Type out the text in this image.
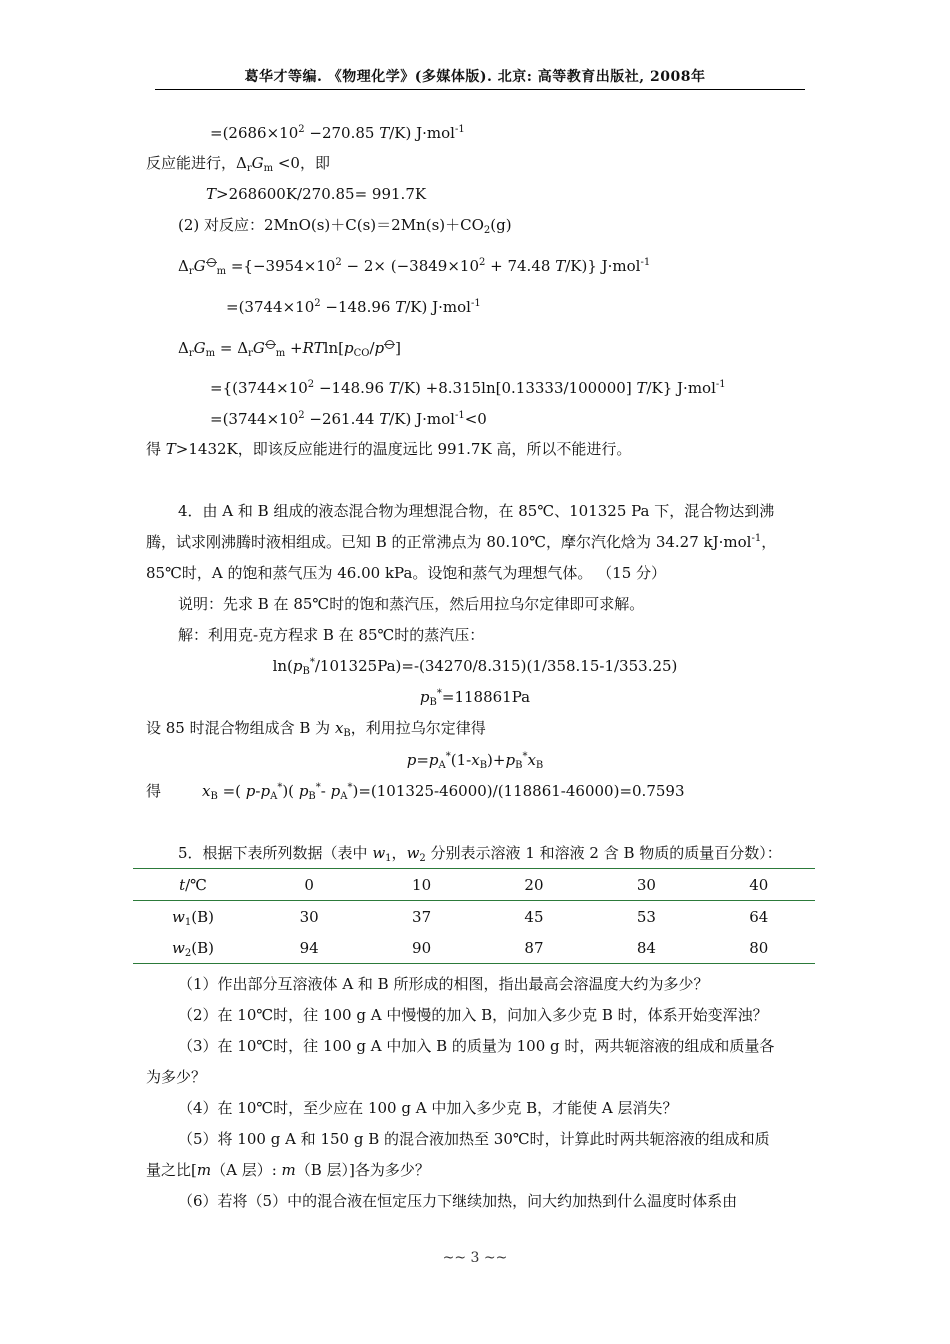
葛华才等编. 《物理化学》(多媒体版). 北京: 高等教育出版社, 2008年
$=(2686\times 10^2 -270.85$ T/K) J·mol$^{-1}$
反应能进行，$\Delta_rG_m <0$，即
T>268600K/270.85= 991.7K
(2) 对反应：$2MnO(s)+C(s)=2Mn(s)+CO_2(g)$
$\Delta_rG$ $_m =\{-3954\times 10^2 - 2\times (-3849\times 10^2 + 74.48$ T/K)} J·mol$^{-1}$
$=(3744\times 10^2 -148.96$ T/K) J·mol$^{-1}$
$\Delta_rG_m = \Delta_rG$ $_m +RTln[p_{CO}/p$ ]
$=\{(3744\times 10^2 -148.96$ T/K) +8.315ln[0.13333/100000] T/K} J·mol$^{-1}$
$=(3744\times 10^2 -261.44$ T/K) J·mol$^{-1}$<0
得 T>1432K，即该反应能进行的温度远比 991.7K 高，所以不能进行。
4．由 A 和 B 组成的液态混合物为理想混合物，在 85℃、101325 Pa 下，混合物达到沸
腾，试求刚沸腾时液相组成。已知 B 的正常沸点为 80.10℃，摩尔汽化焓为 34.27 kJ·mol$^{-1}$，
85℃时，A 的饱和蒸气压为 46.00 kPa。设饱和蒸气为理想气体。 （15 分）
说明：先求 B 在 85℃时的饱和蒸汽压，然后用拉乌尔定律即可求解。
解：利用克-克方程求 B 在 85℃时的蒸汽压：
$\ln(p_B^*/101325Pa)=-(34270/8.315)(1/358.15-1/353.25)$
$p_B^*=118861Pa$
设 85 时混合物组成含 B 为 $x_B$，利用拉乌尔定律得
$p=p_A^*(1-x_B)+p_B^*x_B$
得	$x_B$ =( $p-p_A^*$)( $p_B^*-$ $p_A^*)=(101325-46000)/(118861-46000)=0.7593$
5．根据下表所列数据（表中 $w_1$，$w_2$ 分别表示溶液 1 和溶液 2 含 B 物质的质量百分数）：
t/℃	0	10	20	30	40
$w_1(B)$	30	37	45	53	64
$w_2(B)$	94	90	87	84	80
（1）作出部分互溶液体 A 和 B 所形成的相图，指出最高会溶温度大约为多少？
（2）在 10℃时，往 100 g A 中慢慢的加入 B，问加入多少克 B 时，体系开始变浑浊？
（3）在 10℃时，往 100 g A 中加入 B 的质量为 100 g 时，两共轭溶液的组成和质量各
为多少？
（4）在 10℃时，至少应在 100 g A 中加入多少克 B，才能使 A 层消失？
（5）将 100 g A 和 150 g B 的混合液加热至 30℃时，计算此时两共轭溶液的组成和质
量之比[m（A 层）: m（B 层）]各为多少？
（6）若将（5）中的混合液在恒定压力下继续加热，问大约加热到什么温度时体系由
~~ 3 ~~
